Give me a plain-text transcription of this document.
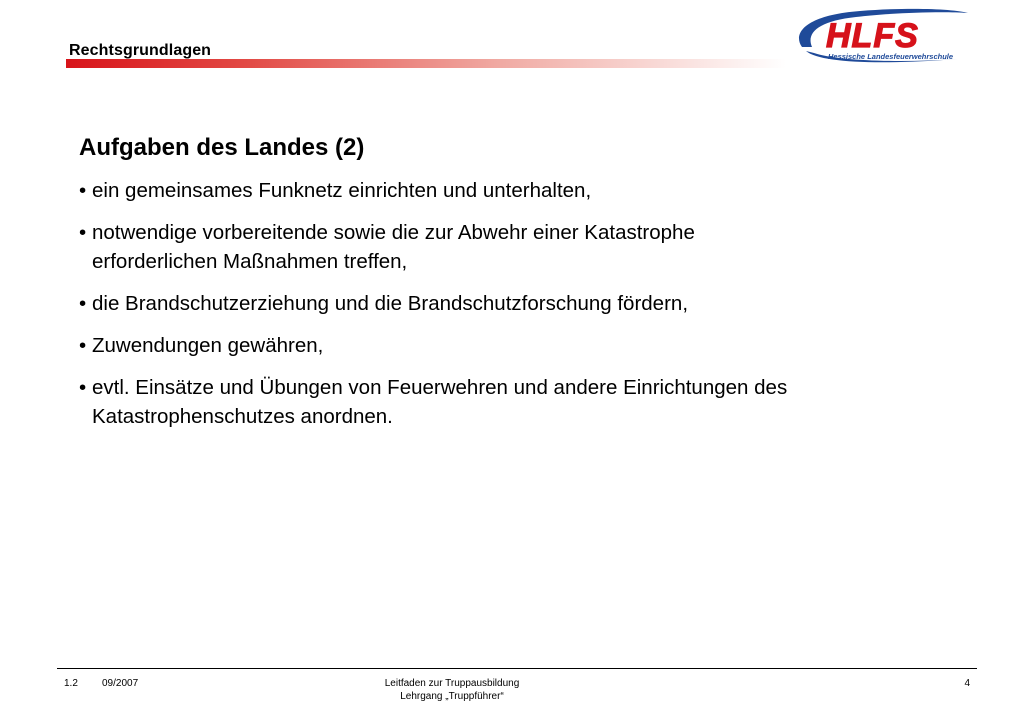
Rechtsgrundlagen	HLFS
Hessische Landesfeuerwehrschule
Aufgaben des Landes (2)
• ein gemeinsames Funknetz einrichten und unterhalten,
• notwendige vorbereitende sowie die zur Abwehr einer Katastrophe
erforderlichen Maßnahmen treffen,
• die Brandschutzerziehung und die Brandschutzforschung fördern,
• Zuwendungen gewähren,
• evtl. Einsätze und Übungen von Feuerwehren und andere Einrichtungen des
Katastrophenschutzes anordnen.
1.2 09/2007	Leitfaden zur Truppausbildung
Lehrgang „Truppführer“
4
